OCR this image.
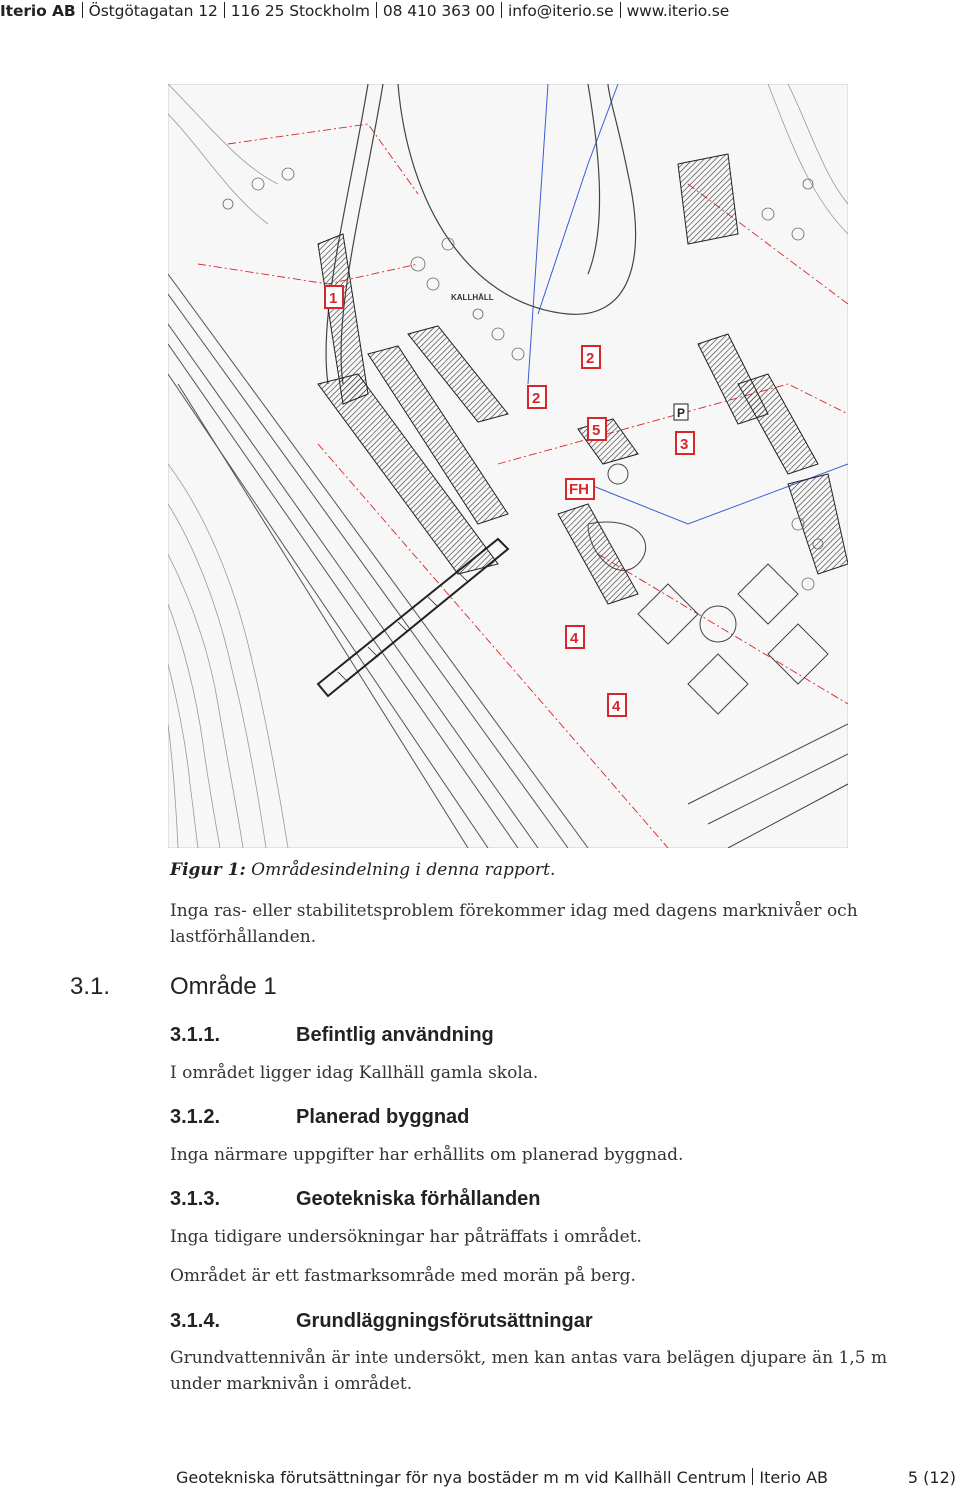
Iterio AB Östgötagatan 12 116 25 Stockholm 08 410 363 00 info@iterio.se www.iterio.se
KALLHÄLL
1
2
2
3
4
4
5
FH
P
Figur 1: Områdesindelning i denna rapport.
Inga ras- eller stabilitetsproblem förekommer idag med dagens marknivåer och lastförhållanden.
3.1. Område 1
3.1.1.	Befintlig användning
I området ligger idag Kallhäll gamla skola.
3.1.2.	Planerad byggnad
Inga närmare uppgifter har erhållits om planerad byggnad.
3.1.3.	Geotekniska förhållanden
Inga tidigare undersökningar har påträffats i området.
Området är ett fastmarksområde med morän på berg.
3.1.4.	Grundläggningsförutsättningar
Grundvattennivån är inte undersökt, men kan antas vara belägen djupare än 1,5 m under marknivån i området.
Geotekniska förutsättningar för nya bostäder m m vid Kallhäll Centrum Iterio AB	5 (12)
